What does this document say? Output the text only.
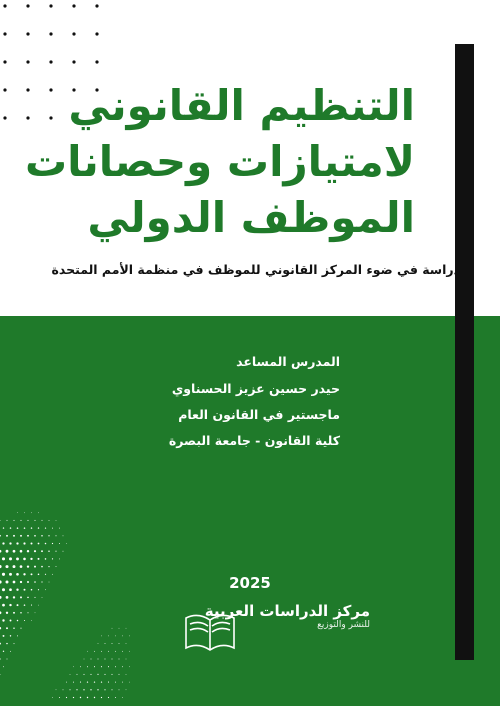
التنظيم القانوني
لامتيازات وحصانات
الموظف الدولي
دراسة في ضوء المركز القانوني للموظف في منظمة الأمم المتحدة
المدرس المساعد
حيدر حسين عزيز الحسناوي
ماجستير في القانون العام
كلية القانون - جامعة البصرة
2025
مركز الدراسات العربية
للنشر والتوزيع
